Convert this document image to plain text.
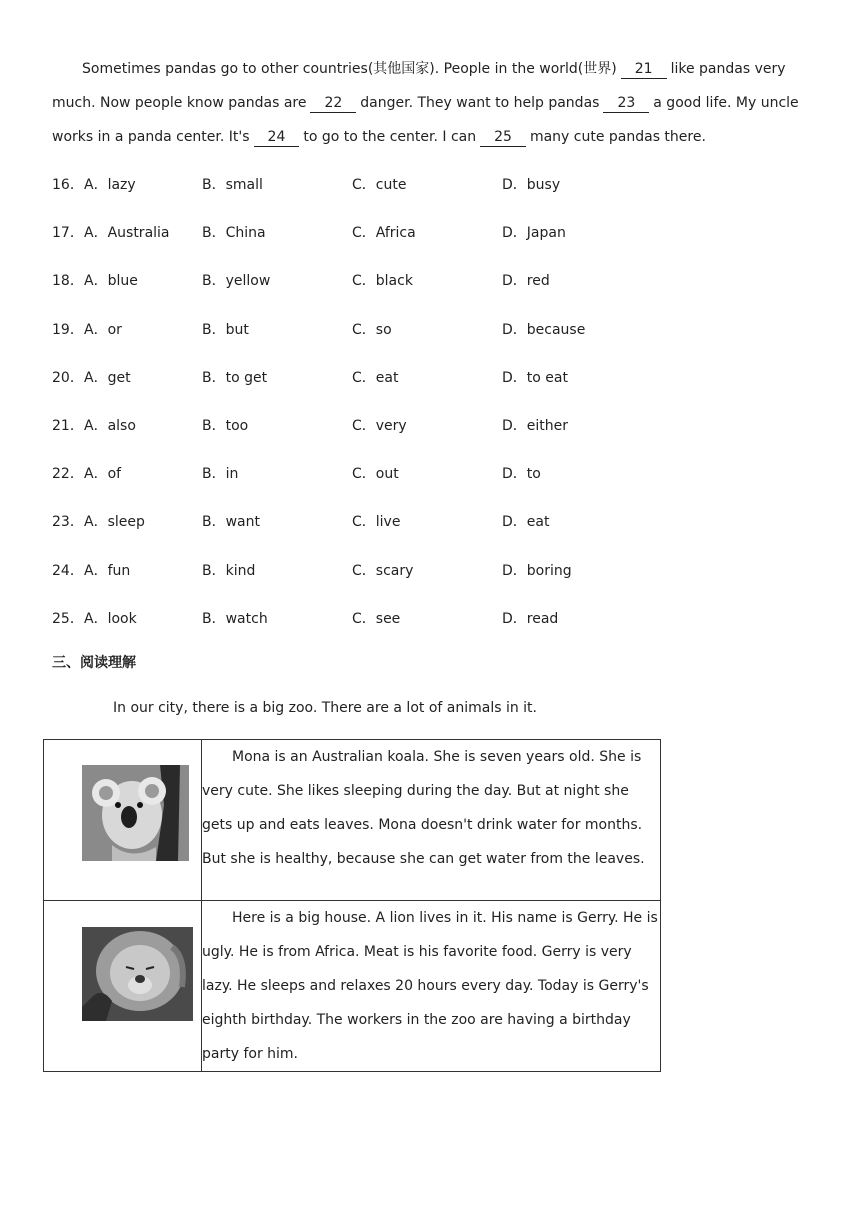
Sometimes pandas go to other countries(其他国家). People in the world(世界) 21 like pandas very much. Now people know pandas are 22 danger. They want to help pandas 23 a good life. My uncle works in a panda center. It's 24 to go to the center. I can 25 many cute pandas there.

16． A．lazy	B．small	C．cute	D．busy
17． A．Australia B．China	C．Africa	D．Japan
18． A．blue	B．yellow	C．black	D．red
19． A．or	B．but	C．so	D．because
20． A．get	B．to get	C．eat	D．to eat
21． A．also	B．too	C．very	D．either
22． A．of	B．in	C．out	D．to
23． A．sleep	B．want	C．live	D．eat
24． A．fun	B．kind	C．scary	D．boring
25． A．look	B．watch	C．see	D．read
三、阅读理解
In our city, there is a big zoo. There are a lot of animals in it.
	Mona is an Australian koala. She is seven years old. She is very cute. She likes sleeping during the day. But at night she gets up and eats leaves. Mona doesn't drink water for months. But she is healthy, because she can get water from the leaves.

	Here is a big house. A lion lives in it. His name is Gerry. He is ugly. He is from Africa. Meat is his favorite food. Gerry is very lazy. He sleeps and relaxes 20 hours every day. Today is Gerry's eighth birthday. The workers in the zoo are having a birthday party for him.
